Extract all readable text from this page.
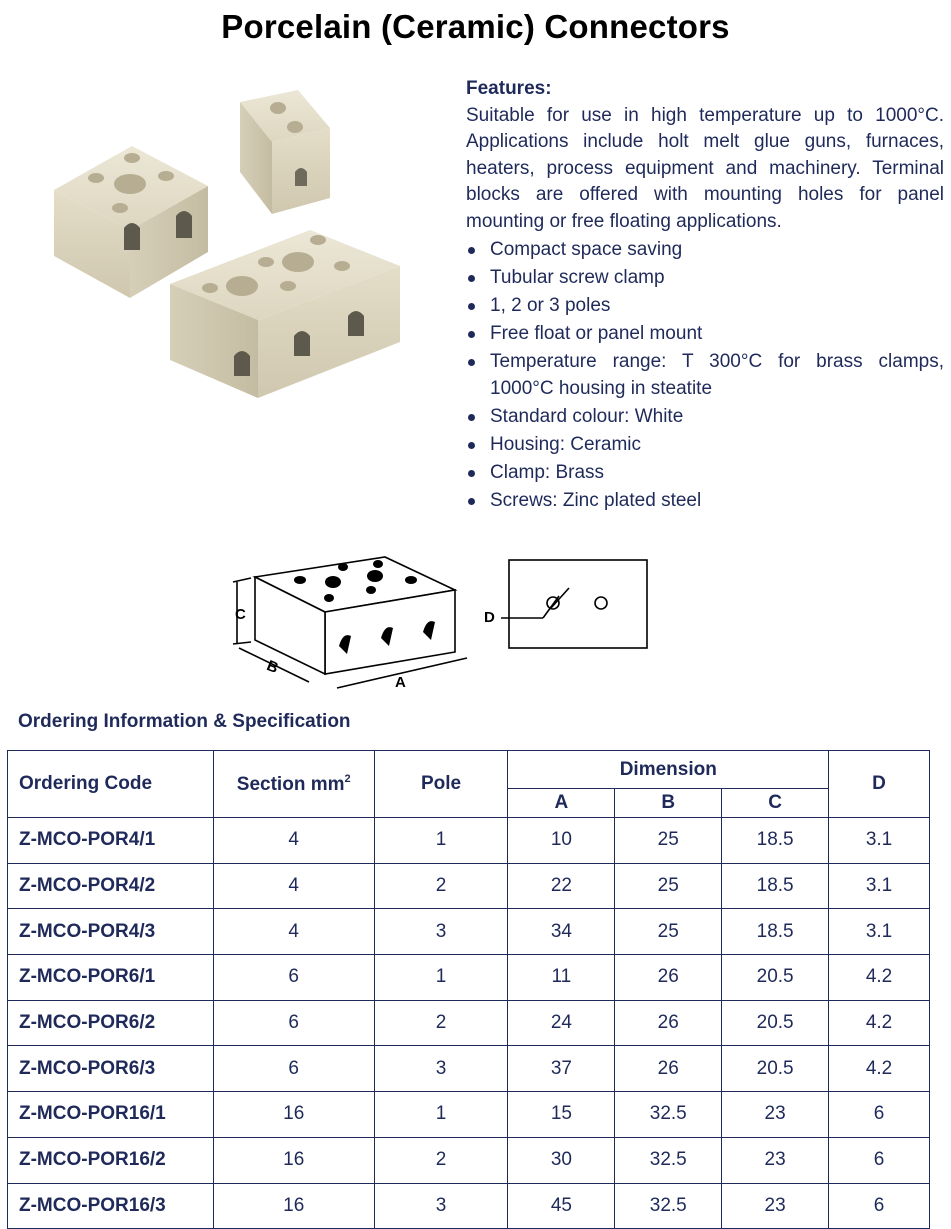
Porcelain (Ceramic) Connectors
Features:
Suitable for use in high temperature up to 1000°C. Applications include holt melt glue guns, furnaces, heaters, process equipment and machinery. Terminal blocks are offered with mounting holes for panel mounting or free floating applications.
Compact space saving
Tubular screw clamp
1, 2 or 3 poles
Free float or panel mount
Temperature range: T 300°C for brass clamps, 1000°C housing in steatite
Standard colour: White
Housing: Ceramic
Clamp: Brass
Screws: Zinc plated steel
C
B
A
D
Ordering Information & Specification
Ordering Code	Section $mm^2$	Pole	Dimension			D
			A	B	C	
Z-MCO-POR4/1	4	1	10	25	18.5	3.1
Z-MCO-POR4/2	4	2	22	25	18.5	3.1
Z-MCO-POR4/3	4	3	34	25	18.5	3.1
Z-MCO-POR6/1	6	1	11	26	20.5	4.2
Z-MCO-POR6/2	6	2	24	26	20.5	4.2
Z-MCO-POR6/3	6	3	37	26	20.5	4.2
Z-MCO-POR16/1	16	1	15	32.5	23	6
Z-MCO-POR16/2	16	2	30	32.5	23	6
Z-MCO-POR16/3	16	3	45	32.5	23	6
